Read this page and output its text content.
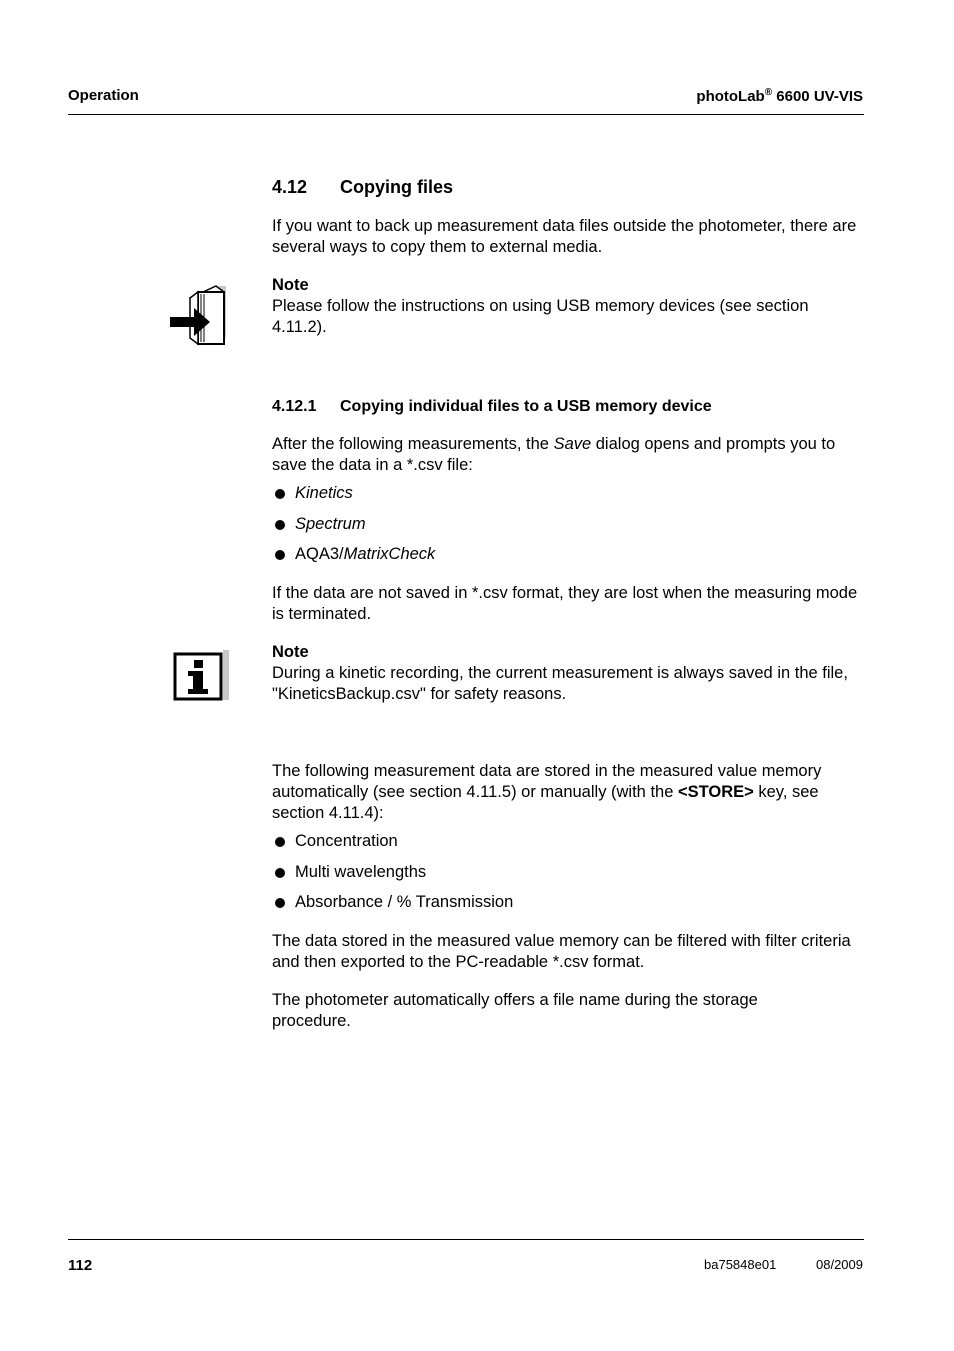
Operation	photoLab® 6600 UV-VIS
4.12 Copying files
If you want to back up measurement data files outside the photometer, there are several ways to copy them to external media.
Note
Please follow the instructions on using USB memory devices (see section 4.11.2).
4.12.1 Copying individual files to a USB memory device
After the following measurements, the Save dialog opens and prompts you to save the data in a *.csv file:
Kinetics
Spectrum
AQA3/MatrixCheck
If the data are not saved in *.csv format, they are lost when the measuring mode is terminated.
Note
During a kinetic recording, the current measurement is always saved in the file, "KineticsBackup.csv" for safety reasons.
The following measurement data are stored in the measured value memory automatically (see section 4.11.5) or manually (with the <STORE> key, see section 4.11.4):
Concentration
Multi wavelengths
Absorbance / % Transmission
The data stored in the measured value memory can be filtered with filter criteria and then exported to the PC-readable *.csv format.
The photometer automatically offers a file name during the storage procedure.
112	ba75848e01	08/2009
